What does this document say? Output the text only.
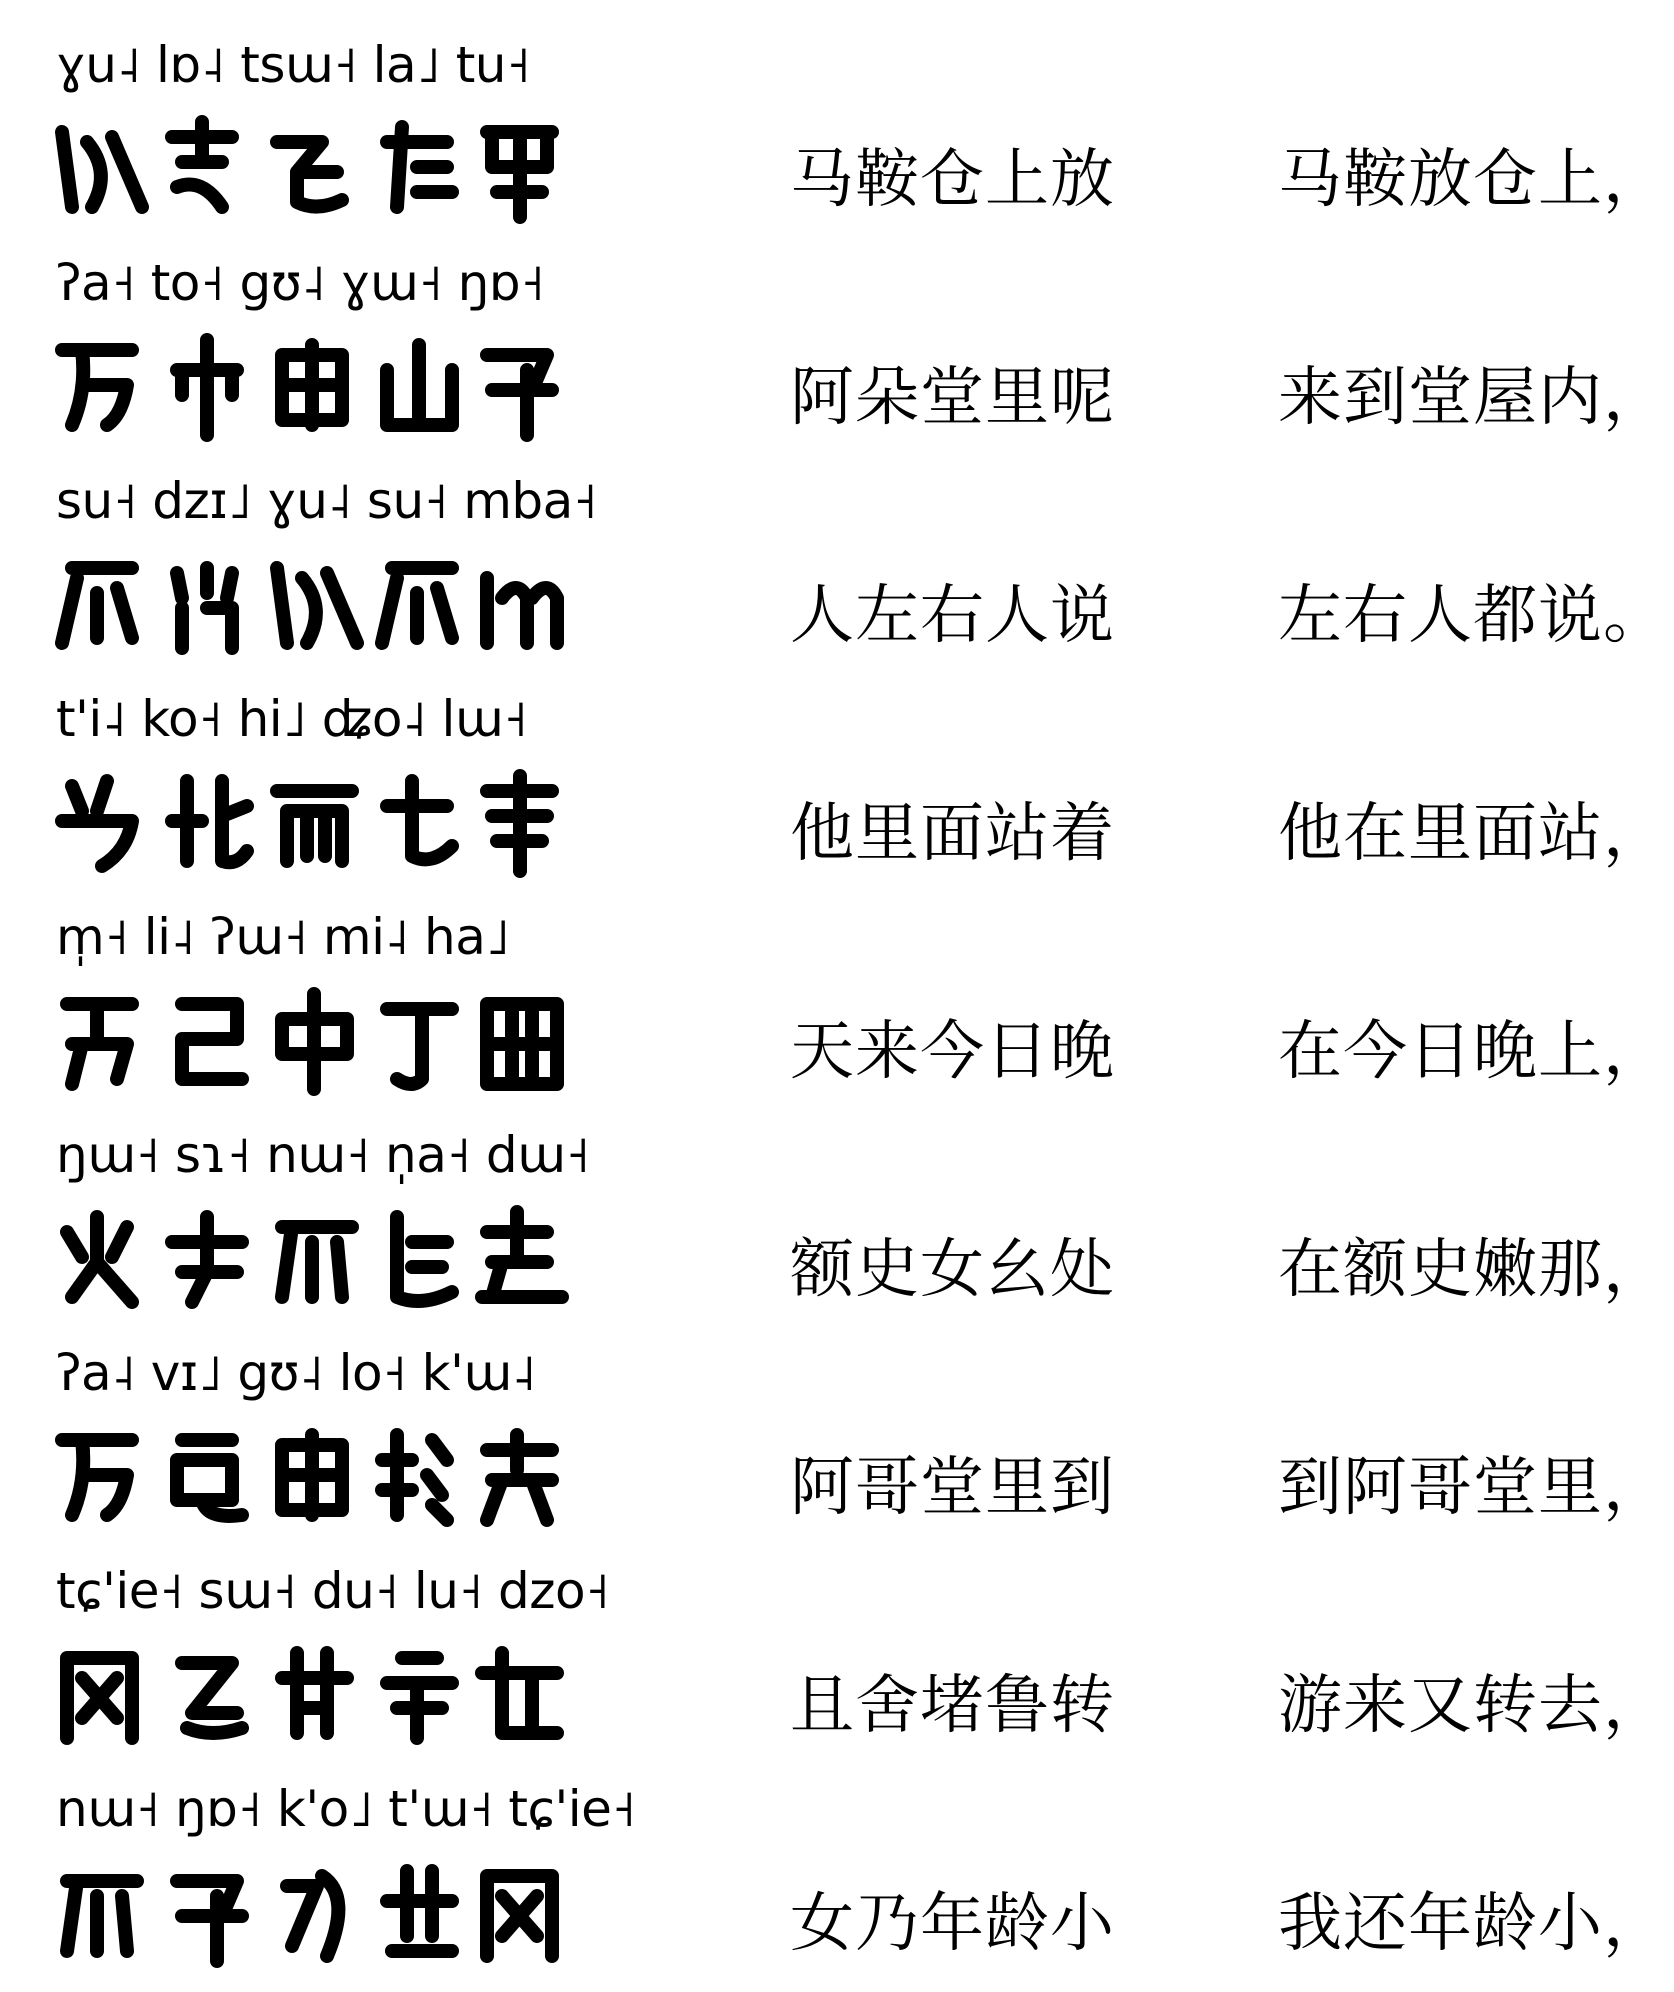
ɣu˨ lɒ˨ tsɯ˧ la˩ tu˧
马鞍仓上放	马鞍放仓上，
ʔa˧ to˧ gʊ˨ ɣɯ˧ ŋɒ˧
阿朵堂里呢	来到堂屋内，
su˧ dzɪ˩ ɣu˨ su˧ mba˧
人左右人说	左右人都说。
t'i˨ ko˧ hi˩ ʥo˨ lɯ˧
他里面站着	他在里面站，
m̩˧ li˨ ʔɯ˧ mi˨ ha˩
天来今日晚	在今日晚上，
ŋɯ˧ sɿ˧ nɯ˧ n̩a˧ dɯ˧
额史女幺处	在额史嫩那，
ʔa˨ vɪ˩ gʊ˨ lo˧ k'ɯ˨
阿哥堂里到	到阿哥堂里，
tɕ'ie˧ sɯ˧ du˧ lu˧ dzo˧
且舍堵鲁转	游来又转去，
nɯ˧ ŋɒ˧ k'o˩ t'ɯ˧ tɕ'ie˧
女乃年龄小	我还年龄小，
